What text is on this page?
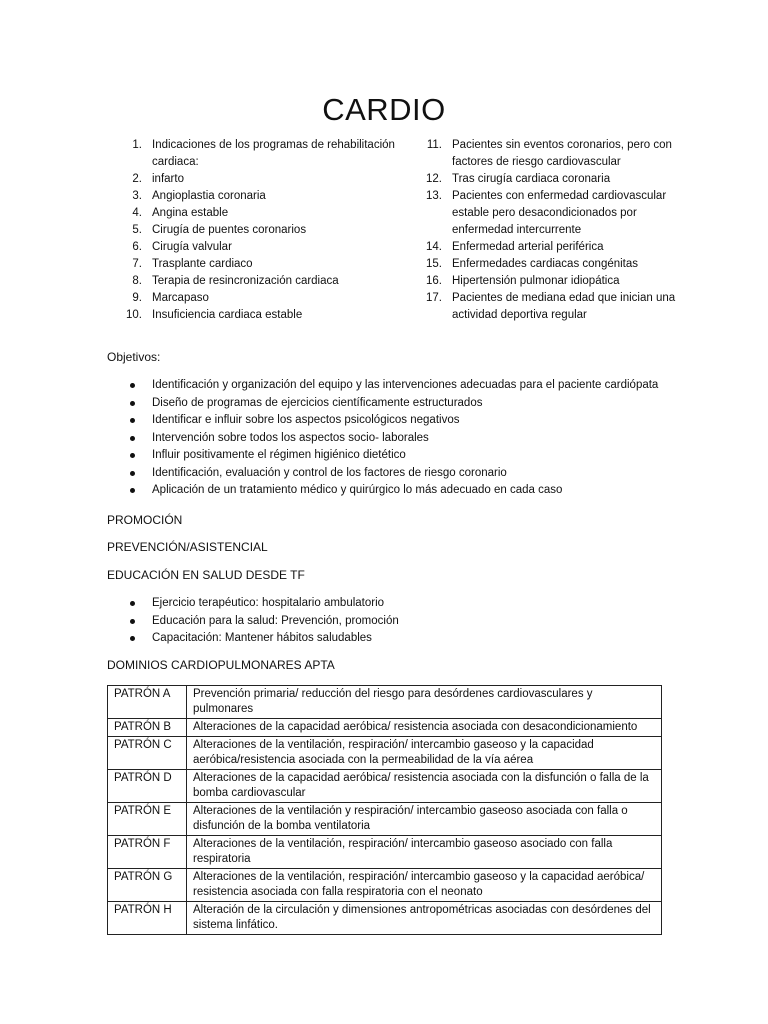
CARDIO
1. Indicaciones de los programas de rehabilitación cardiaca:
2. infarto
3. Angioplastia coronaria
4. Angina estable
5. Cirugía de puentes coronarios
6. Cirugía valvular
7. Trasplante cardiaco
8. Terapia de resincronización cardiaca
9. Marcapaso
10. Insuficiencia cardiaca estable
11. Pacientes sin eventos coronarios, pero con factores de riesgo cardiovascular
12. Tras cirugía cardiaca coronaria
13. Pacientes con enfermedad cardiovascular estable pero desacondicionados por enfermedad intercurrente
14. Enfermedad arterial periférica
15. Enfermedades cardiacas congénitas
16. Hipertensión pulmonar idiopática
17. Pacientes de mediana edad que inician una actividad deportiva regular
Objetivos:
Identificación y organización del equipo y las intervenciones adecuadas para el paciente cardiópata
Diseño de programas de ejercicios científicamente estructurados
Identificar e influir sobre los aspectos psicológicos negativos
Intervención sobre todos los aspectos socio- laborales
Influir positivamente el régimen higiénico dietético
Identificación, evaluación y control de los factores de riesgo coronario
Aplicación de un tratamiento médico y quirúrgico lo más adecuado en cada caso
PROMOCIÓN
PREVENCIÓN/ASISTENCIAL
EDUCACIÓN EN SALUD DESDE TF
Ejercicio terapéutico: hospitalario ambulatorio
Educación para la salud: Prevención, promoción
Capacitación: Mantener hábitos saludables
DOMINIOS CARDIOPULMONARES APTA
PATRÓN A	Prevención primaria/ reducción del riesgo para desórdenes cardiovasculares y pulmonares
PATRÓN B	Alteraciones de la capacidad aeróbica/ resistencia asociada con desacondicionamiento
PATRÓN C	Alteraciones de la ventilación, respiración/ intercambio gaseoso y la capacidad aeróbica/resistencia asociada con la permeabilidad de la vía aérea
PATRÓN D	Alteraciones de la capacidad aeróbica/ resistencia asociada con la disfunción o falla de la bomba cardiovascular
PATRÓN E	Alteraciones de la ventilación y respiración/ intercambio gaseoso asociada con falla o disfunción de la bomba ventilatoria
PATRÓN F	Alteraciones de la ventilación, respiración/ intercambio gaseoso asociado con falla respiratoria
PATRÓN G	Alteraciones de la ventilación, respiración/ intercambio gaseoso y la capacidad aeróbica/ resistencia asociada con falla respiratoria con el neonato
PATRÓN H	Alteración de la circulación y dimensiones antropométricas asociadas con desórdenes del sistema linfático.
